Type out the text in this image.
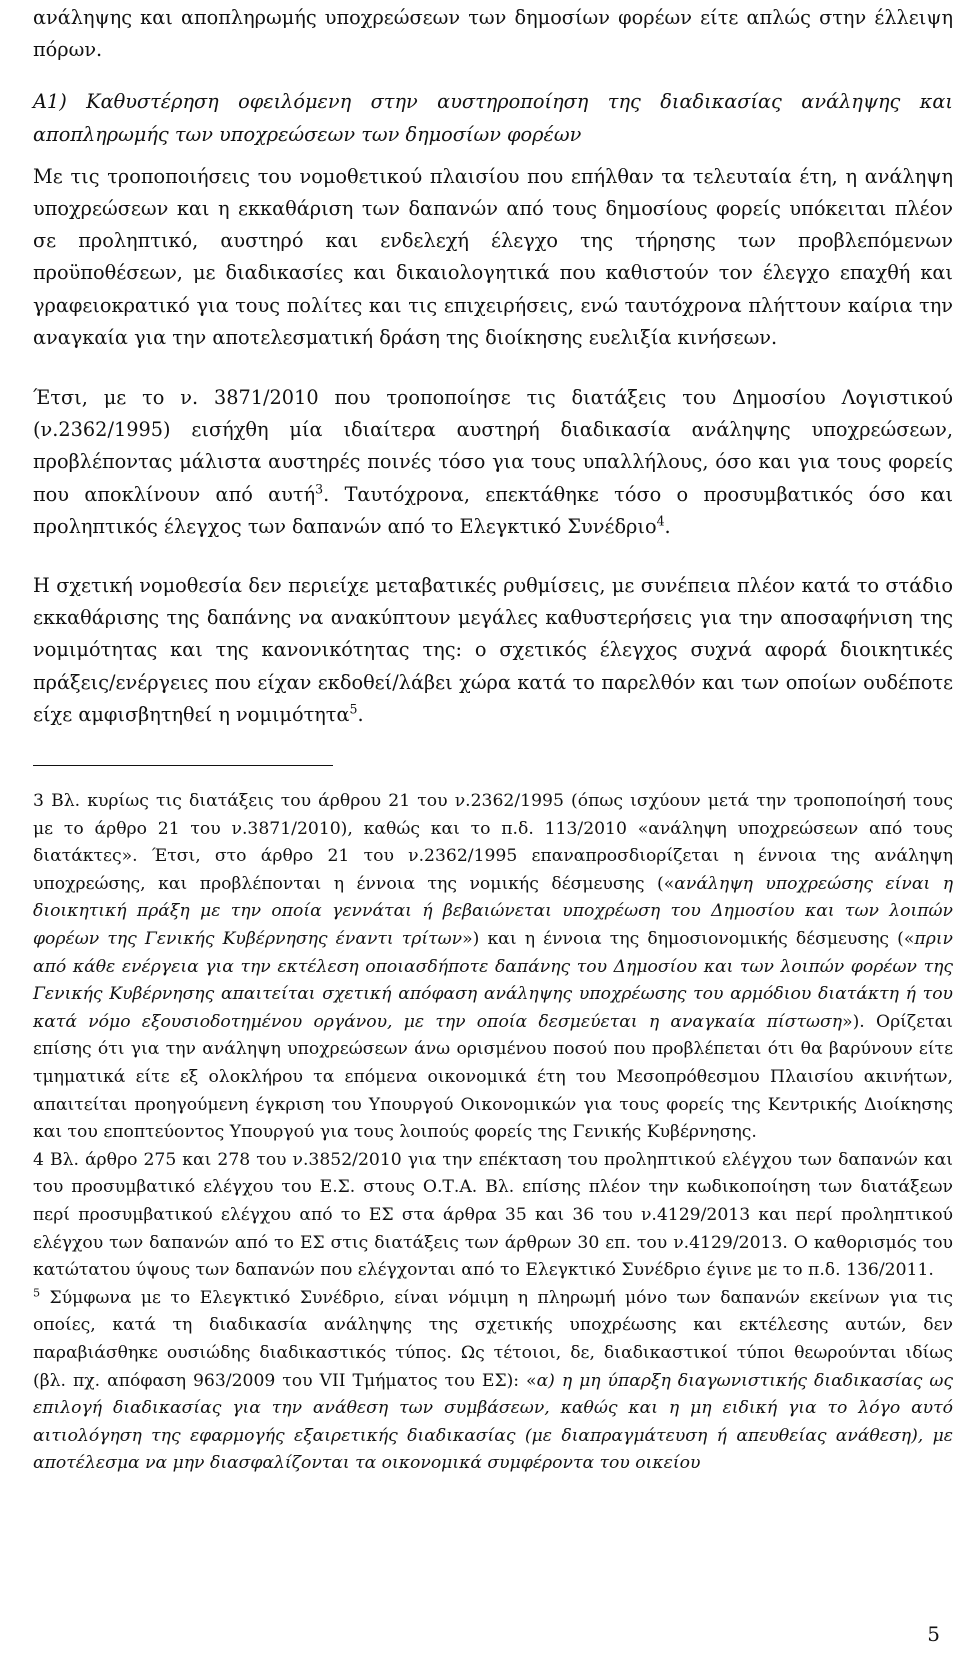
ανάληψης και αποπληρωμής υποχρεώσεων των δημοσίων φορέων είτε απλώς στην έλλειψη πόρων.

Α1) Καθυστέρηση οφειλόμενη στην αυστηροποίηση της διαδικασίας ανάληψης και αποπληρωμής των υποχρεώσεων των δημοσίων φορέων

Με τις τροποποιήσεις του νομοθετικού πλαισίου που επήλθαν τα τελευταία έτη, η ανάληψη υποχρεώσεων και η εκκαθάριση των δαπανών από τους δημοσίους φορείς υπόκειται πλέον σε προληπτικό, αυστηρό και ενδελεχή έλεγχο της τήρησης των προβλεπόμενων προϋποθέσεων, με διαδικασίες και δικαιολογητικά που καθιστούν τον έλεγχο επαχθή και γραφειοκρατικό για τους πολίτες και τις επιχειρήσεις, ενώ ταυτόχρονα πλήττουν καίρια την αναγκαία για την αποτελεσματική δράση της διοίκησης ευελιξία κινήσεων.

Έτσι, με το ν. 3871/2010 που τροποποίησε τις διατάξεις του Δημοσίου Λογιστικού (ν.2362/1995) εισήχθη μία ιδιαίτερα αυστηρή διαδικασία ανάληψης υποχρεώσεων, προβλέποντας μάλιστα αυστηρές ποινές τόσο για τους υπαλλήλους, όσο και για τους φορείς που αποκλίνουν από αυτή$^3$. Ταυτόχρονα, επεκτάθηκε τόσο ο προσυμβατικός όσο και προληπτικός έλεγχος των δαπανών από το Ελεγκτικό Συνέδριο$^4$.

Η σχετική νομοθεσία δεν περιείχε μεταβατικές ρυθμίσεις, με συνέπεια πλέον κατά το στάδιο εκκαθάρισης της δαπάνης να ανακύπτουν μεγάλες καθυστερήσεις για την αποσαφήνιση της νομιμότητας και της κανονικότητας της: ο σχετικός έλεγχος συχνά αφορά διοικητικές πράξεις/ενέργειες που είχαν εκδοθεί/λάβει χώρα κατά το παρελθόν και των οποίων ουδέποτε είχε αμφισβητηθεί η νομιμότητα$^5$.

3 Βλ. κυρίως τις διατάξεις του άρθρου 21 του ν.2362/1995 (όπως ισχύουν μετά την τροποποίησή τους με το άρθρο 21 του ν.3871/2010), καθώς και το π.δ. 113/2010 «ανάληψη υποχρεώσεων από τους διατάκτες». Έτσι, στο άρθρο 21 του ν.2362/1995 επαναπροσδιορίζεται η έννοια της ανάληψη υποχρεώσης, και προβλέπονται η έννοια της νομικής δέσμευσης («ανάληψη υποχρεώσης είναι η διοικητική πράξη με την οποία γεννάται ή βεβαιώνεται υποχρέωση του Δημοσίου και των λοιπών φορέων της Γενικής Κυβέρνησης έναντι τρίτων») και η έννοια της δημοσιονομικής δέσμευσης («πριν από κάθε ενέργεια για την εκτέλεση οποιασδήποτε δαπάνης του Δημοσίου και των λοιπών φορέων της Γενικής Κυβέρνησης απαιτείται σχετική απόφαση ανάληψης υποχρέωσης του αρμόδιου διατάκτη ή του κατά νόμο εξουσιοδοτημένου οργάνου, με την οποία δεσμεύεται η αναγκαία πίστωση»). Ορίζεται επίσης ότι για την ανάληψη υποχρεώσεων άνω ορισμένου ποσού που προβλέπεται ότι θα βαρύνουν είτε τμηματικά είτε εξ ολοκλήρου τα επόμενα οικονομικά έτη του Μεσοπρόθεσμου Πλαισίου ακινήτων, απαιτείται προηγούμενη έγκριση του Υπουργού Οικονομικών για τους φορείς της Κεντρικής Διοίκησης και του εποπτεύοντος Υπουργού για τους λοιπούς φορείς της Γενικής Κυβέρνησης.

4 Βλ. άρθρο 275 και 278 του ν.3852/2010 για την επέκταση του προληπτικού ελέγχου των δαπανών και του προσυμβατικό ελέγχου του Ε.Σ. στους Ο.Τ.Α. Βλ. επίσης πλέον την κωδικοποίηση των διατάξεων περί προσυμβατικού ελέγχου από το ΕΣ στα άρθρα 35 και 36 του ν.4129/2013 και περί προληπτικού ελέγχου των δαπανών από το ΕΣ στις διατάξεις των άρθρων 30 επ. του ν.4129/2013. Ο καθορισμός του κατώτατου ύψους των δαπανών που ελέγχονται από το Ελεγκτικό Συνέδριο έγινε με το π.δ. 136/2011.

$^5$ Σύμφωνα με το Ελεγκτικό Συνέδριο, είναι νόμιμη η πληρωμή μόνο των δαπανών εκείνων για τις οποίες, κατά τη διαδικασία ανάληψης της σχετικής υποχρέωσης και εκτέλεσης αυτών, δεν παραβιάσθηκε ουσιώδης διαδικαστικός τύπος. Ως τέτοιοι, δε, διαδικαστικοί τύποι θεωρούνται ιδίως (βλ. πχ. απόφαση 963/2009 του VII Τμήματος του ΕΣ): «α) η μη ύπαρξη διαγωνιστικής διαδικασίας ως επιλογή διαδικασίας για την ανάθεση των συμβάσεων, καθώς και η μη ειδική για το λόγο αυτό αιτιολόγηση της εφαρμογής εξαιρετικής διαδικασίας (με διαπραγμάτευση ή απευθείας ανάθεση), με αποτέλεσμα να μην διασφαλίζονται τα οικονομικά συμφέροντα του οικείου

5
